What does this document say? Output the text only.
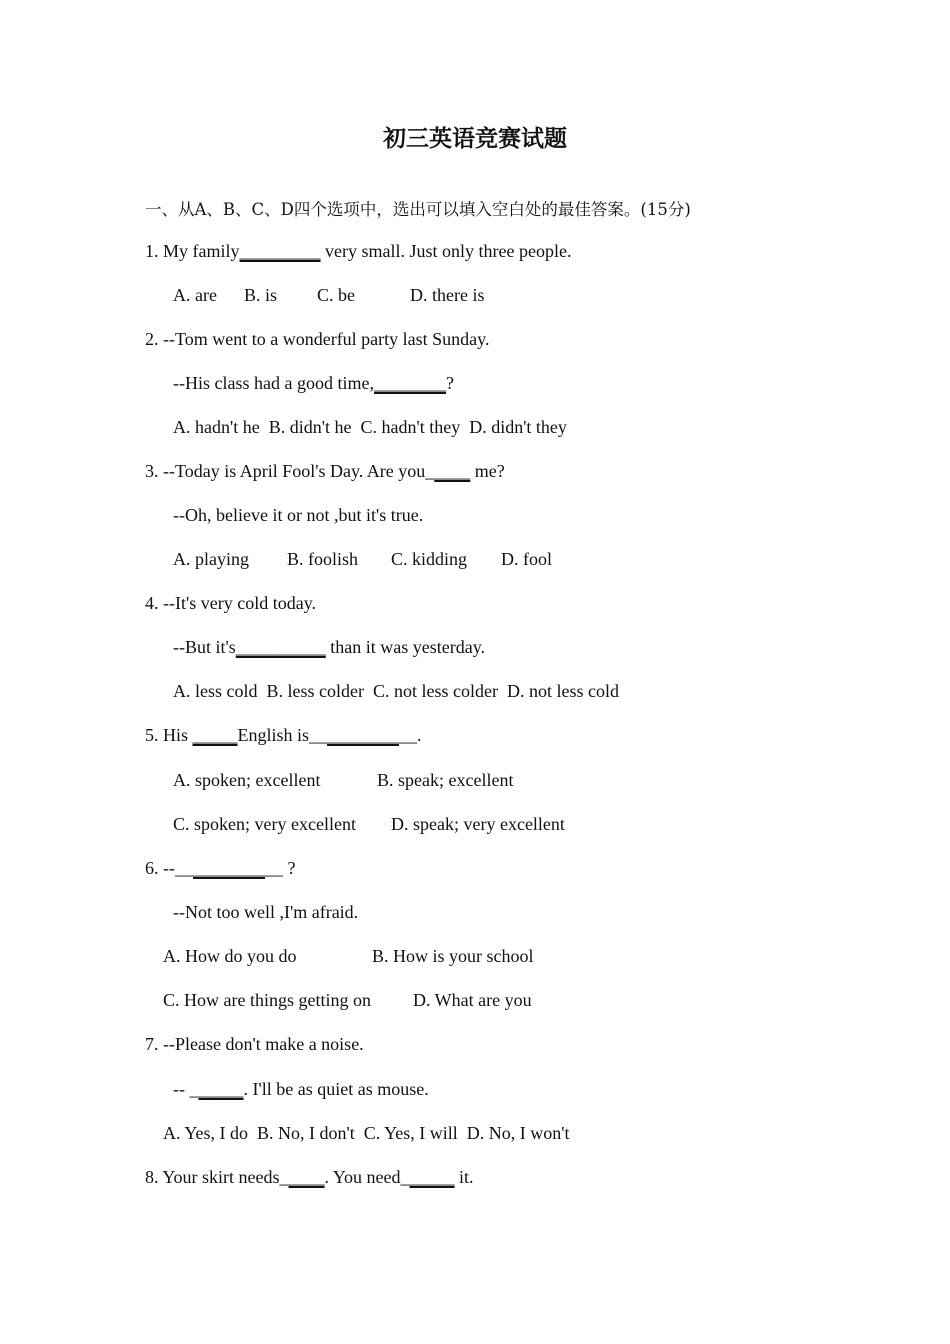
初三英语竞赛试题
一、从A、B、C、D四个选项中，选出可以填入空白处的最佳答案。(15分)
1. My family_________ very small. Just only three people.
A. are B. is C. be	D. there is
2. --Tom went to a wonderful party last Sunday.
--His class had a good time,________?
A. hadn't he  B. didn't he  C. hadn't they  D. didn't they
3. --Today is April Fool's Day. Are you_____ me?
--Oh, believe it or not ,but it's true.
A. playing B. foolish C. kidding D. fool
4. --It's very cold today.
--But it's__________ than it was yesterday.
A. less cold  B. less colder  C. not less colder  D. not less cold
5. His _____English is____________.
A. spoken; excellent	B. speak; excellent
C. spoken; very excellent D. speak; very excellent
6. --____________ ?
--Not too well ,I'm afraid.
A. How do you do	B. How is your school
C. How are things getting on D. What are you
7. --Please don't make a noise.
-- ______. I'll be as quiet as mouse.
A. Yes, I do  B. No, I don't  C. Yes, I will  D. No, I won't
8. Your skirt needs_____. You need______ it.
